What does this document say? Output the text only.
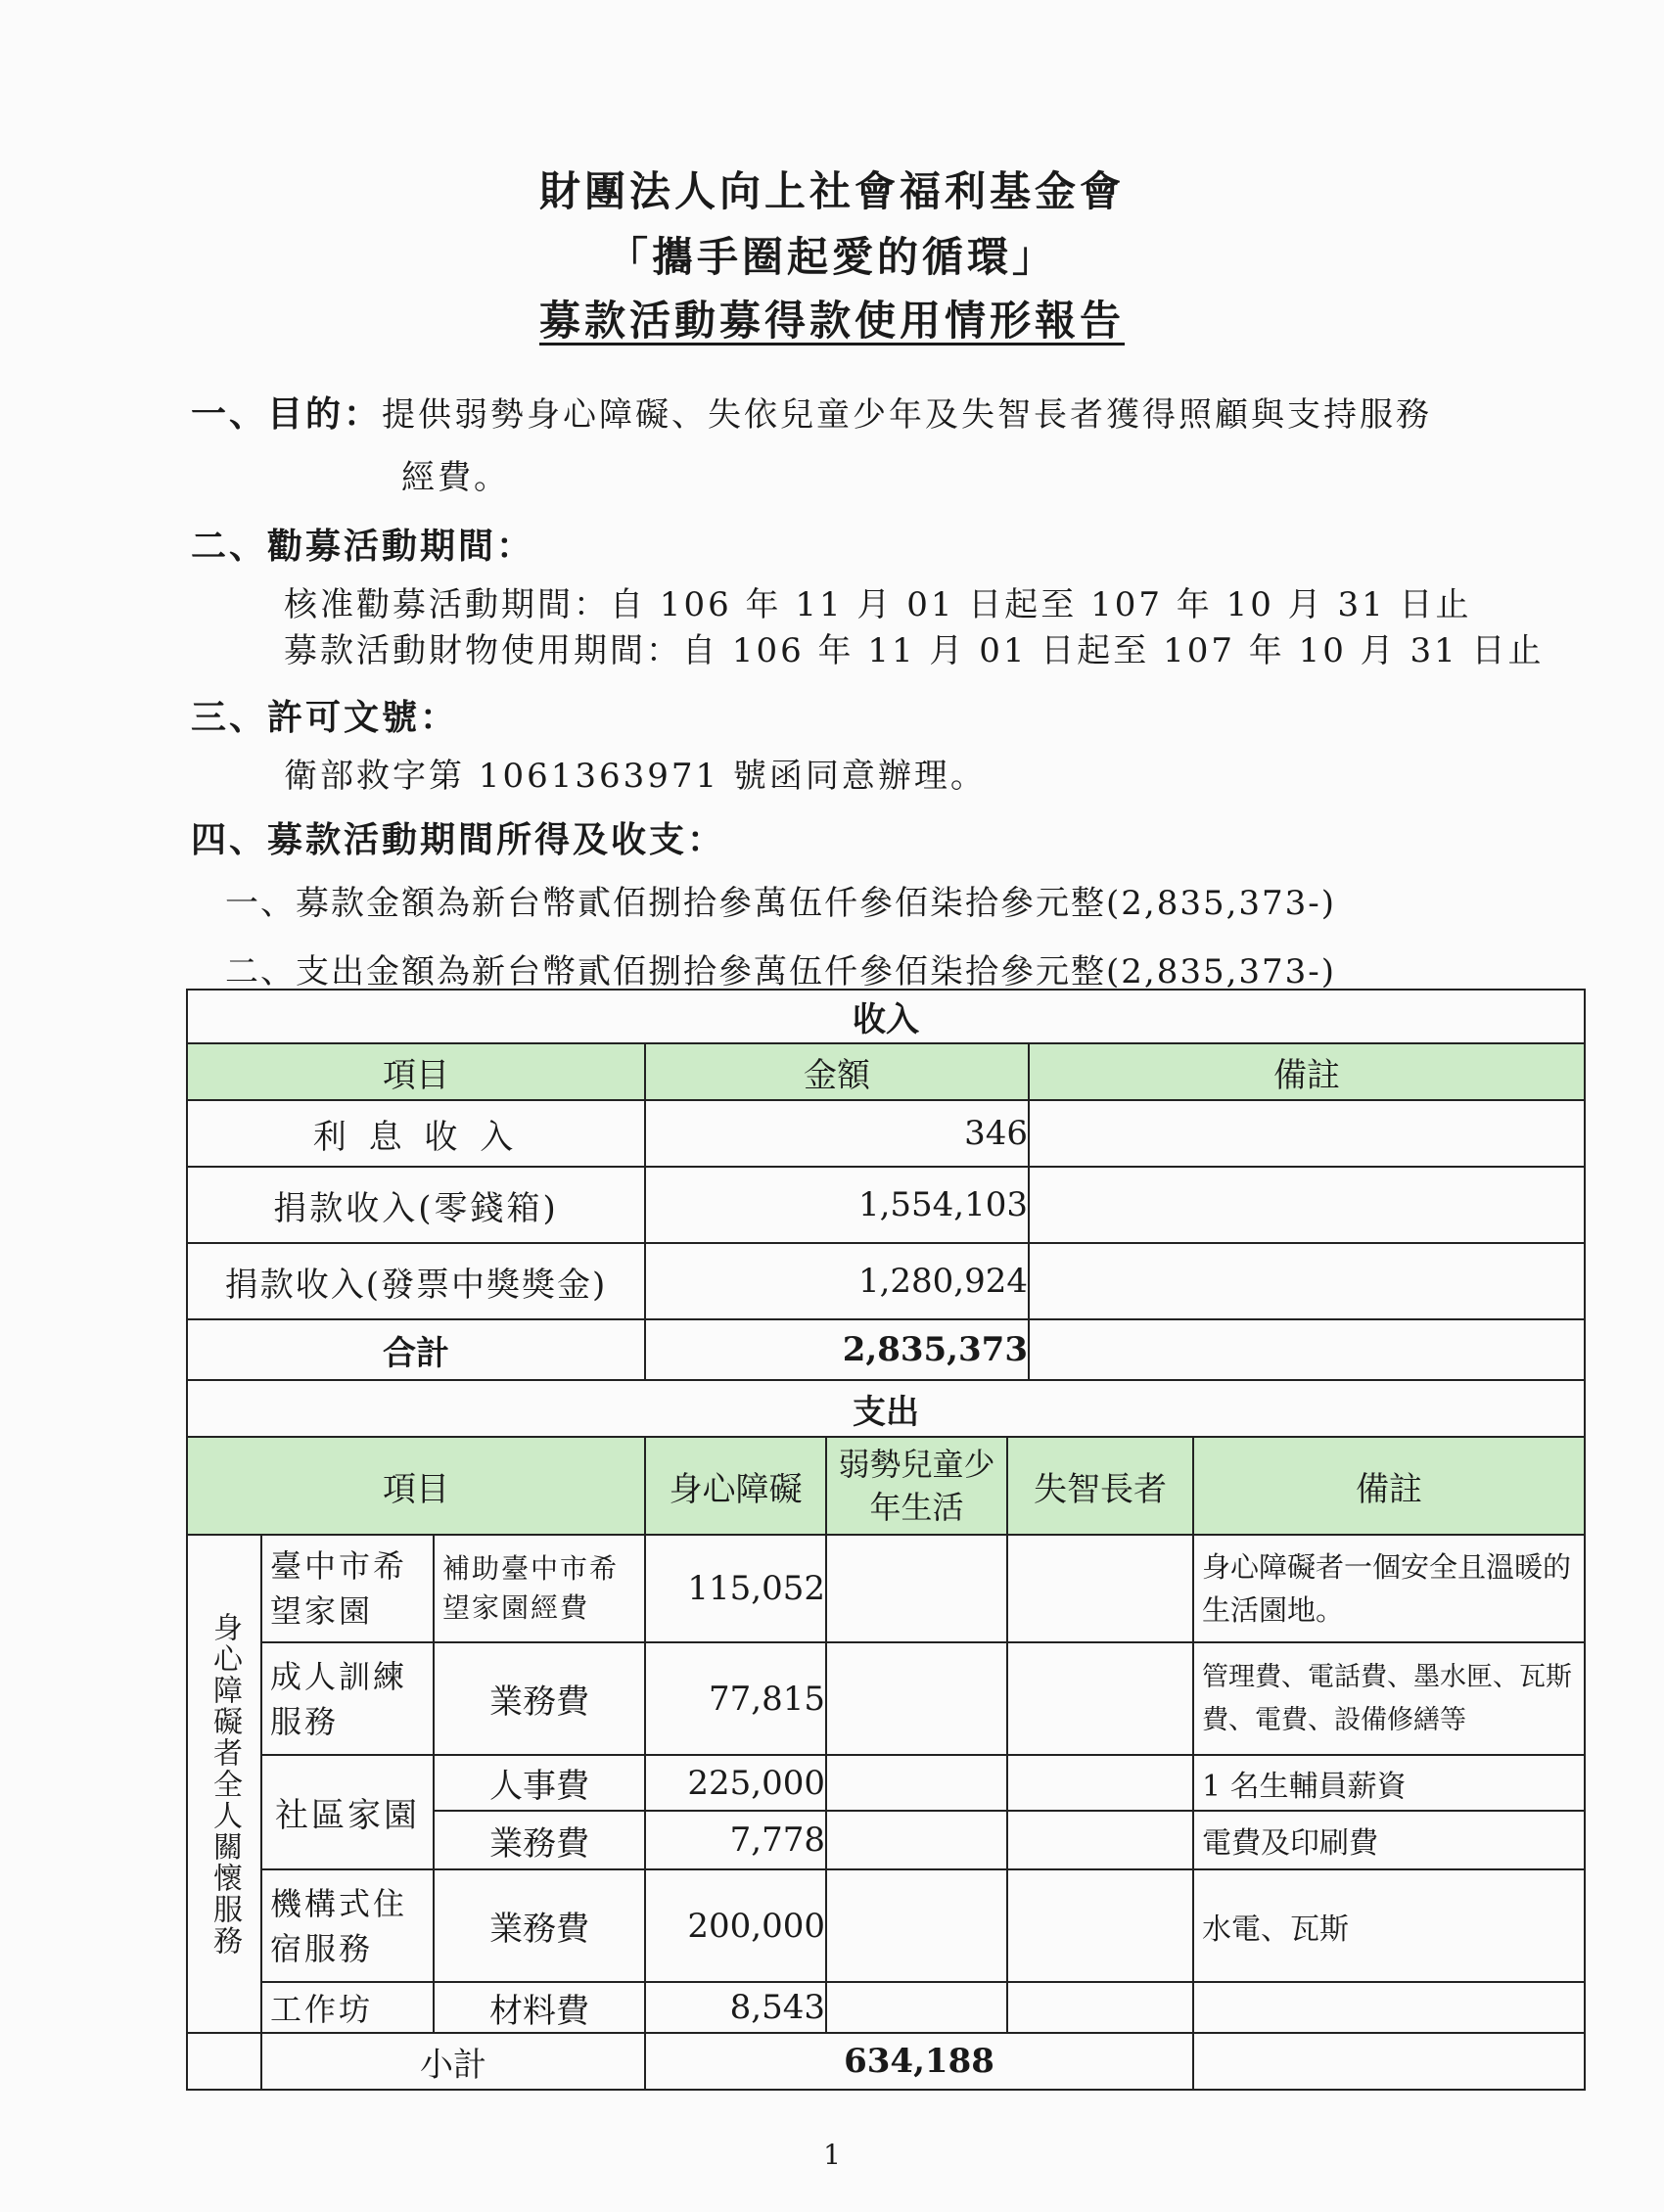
財團法人向上社會福利基金會
「攜手圈起愛的循環」
募款活動募得款使用情形報告
一、目的：提供弱勢身心障礙、失依兒童少年及失智長者獲得照顧與支持服務
經費。
二、勸募活動期間：
核准勸募活動期間：自 106 年 11 月 01 日起至 107 年 10 月 31 日止
募款活動財物使用期間：自 106 年 11 月 01 日起至 107 年 10 月 31 日止
三、許可文號：
衛部救字第 1061363971 號函同意辦理。
四、募款活動期間所得及收支：
一、募款金額為新台幣貳佰捌拾參萬伍仟參佰柒拾參元整(2,835,373-)
二、支出金額為新台幣貳佰捌拾參萬伍仟參佰柒拾參元整(2,835,373-)
收入		
項目	金額	備註
利 息 收 入	346	
捐款收入(零錢箱)	1,554,103	
捐款收入(發票中獎獎金)	1,280,924	
合計	2,835,373	
支出						
項目			身心障礙	弱勢兒童少年生活	失智長者	備註

身心障礙者全人關懷服務	臺中市希望家園	補助臺中市希望家園經費	115,052			身心障礙者一個安全且溫暖的生活園地。
	成人訓練服務	業務費	77,815			管理費、電話費、墨水匣、瓦斯費、電費、設備修繕等
	社區家園	人事費	225,000			1 名生輔員薪資
		業務費	7,778			電費及印刷費
	機構式住宿服務	業務費	200,000			水電、瓦斯
	工作坊	材料費	8,543			
	小計		634,188			
1
